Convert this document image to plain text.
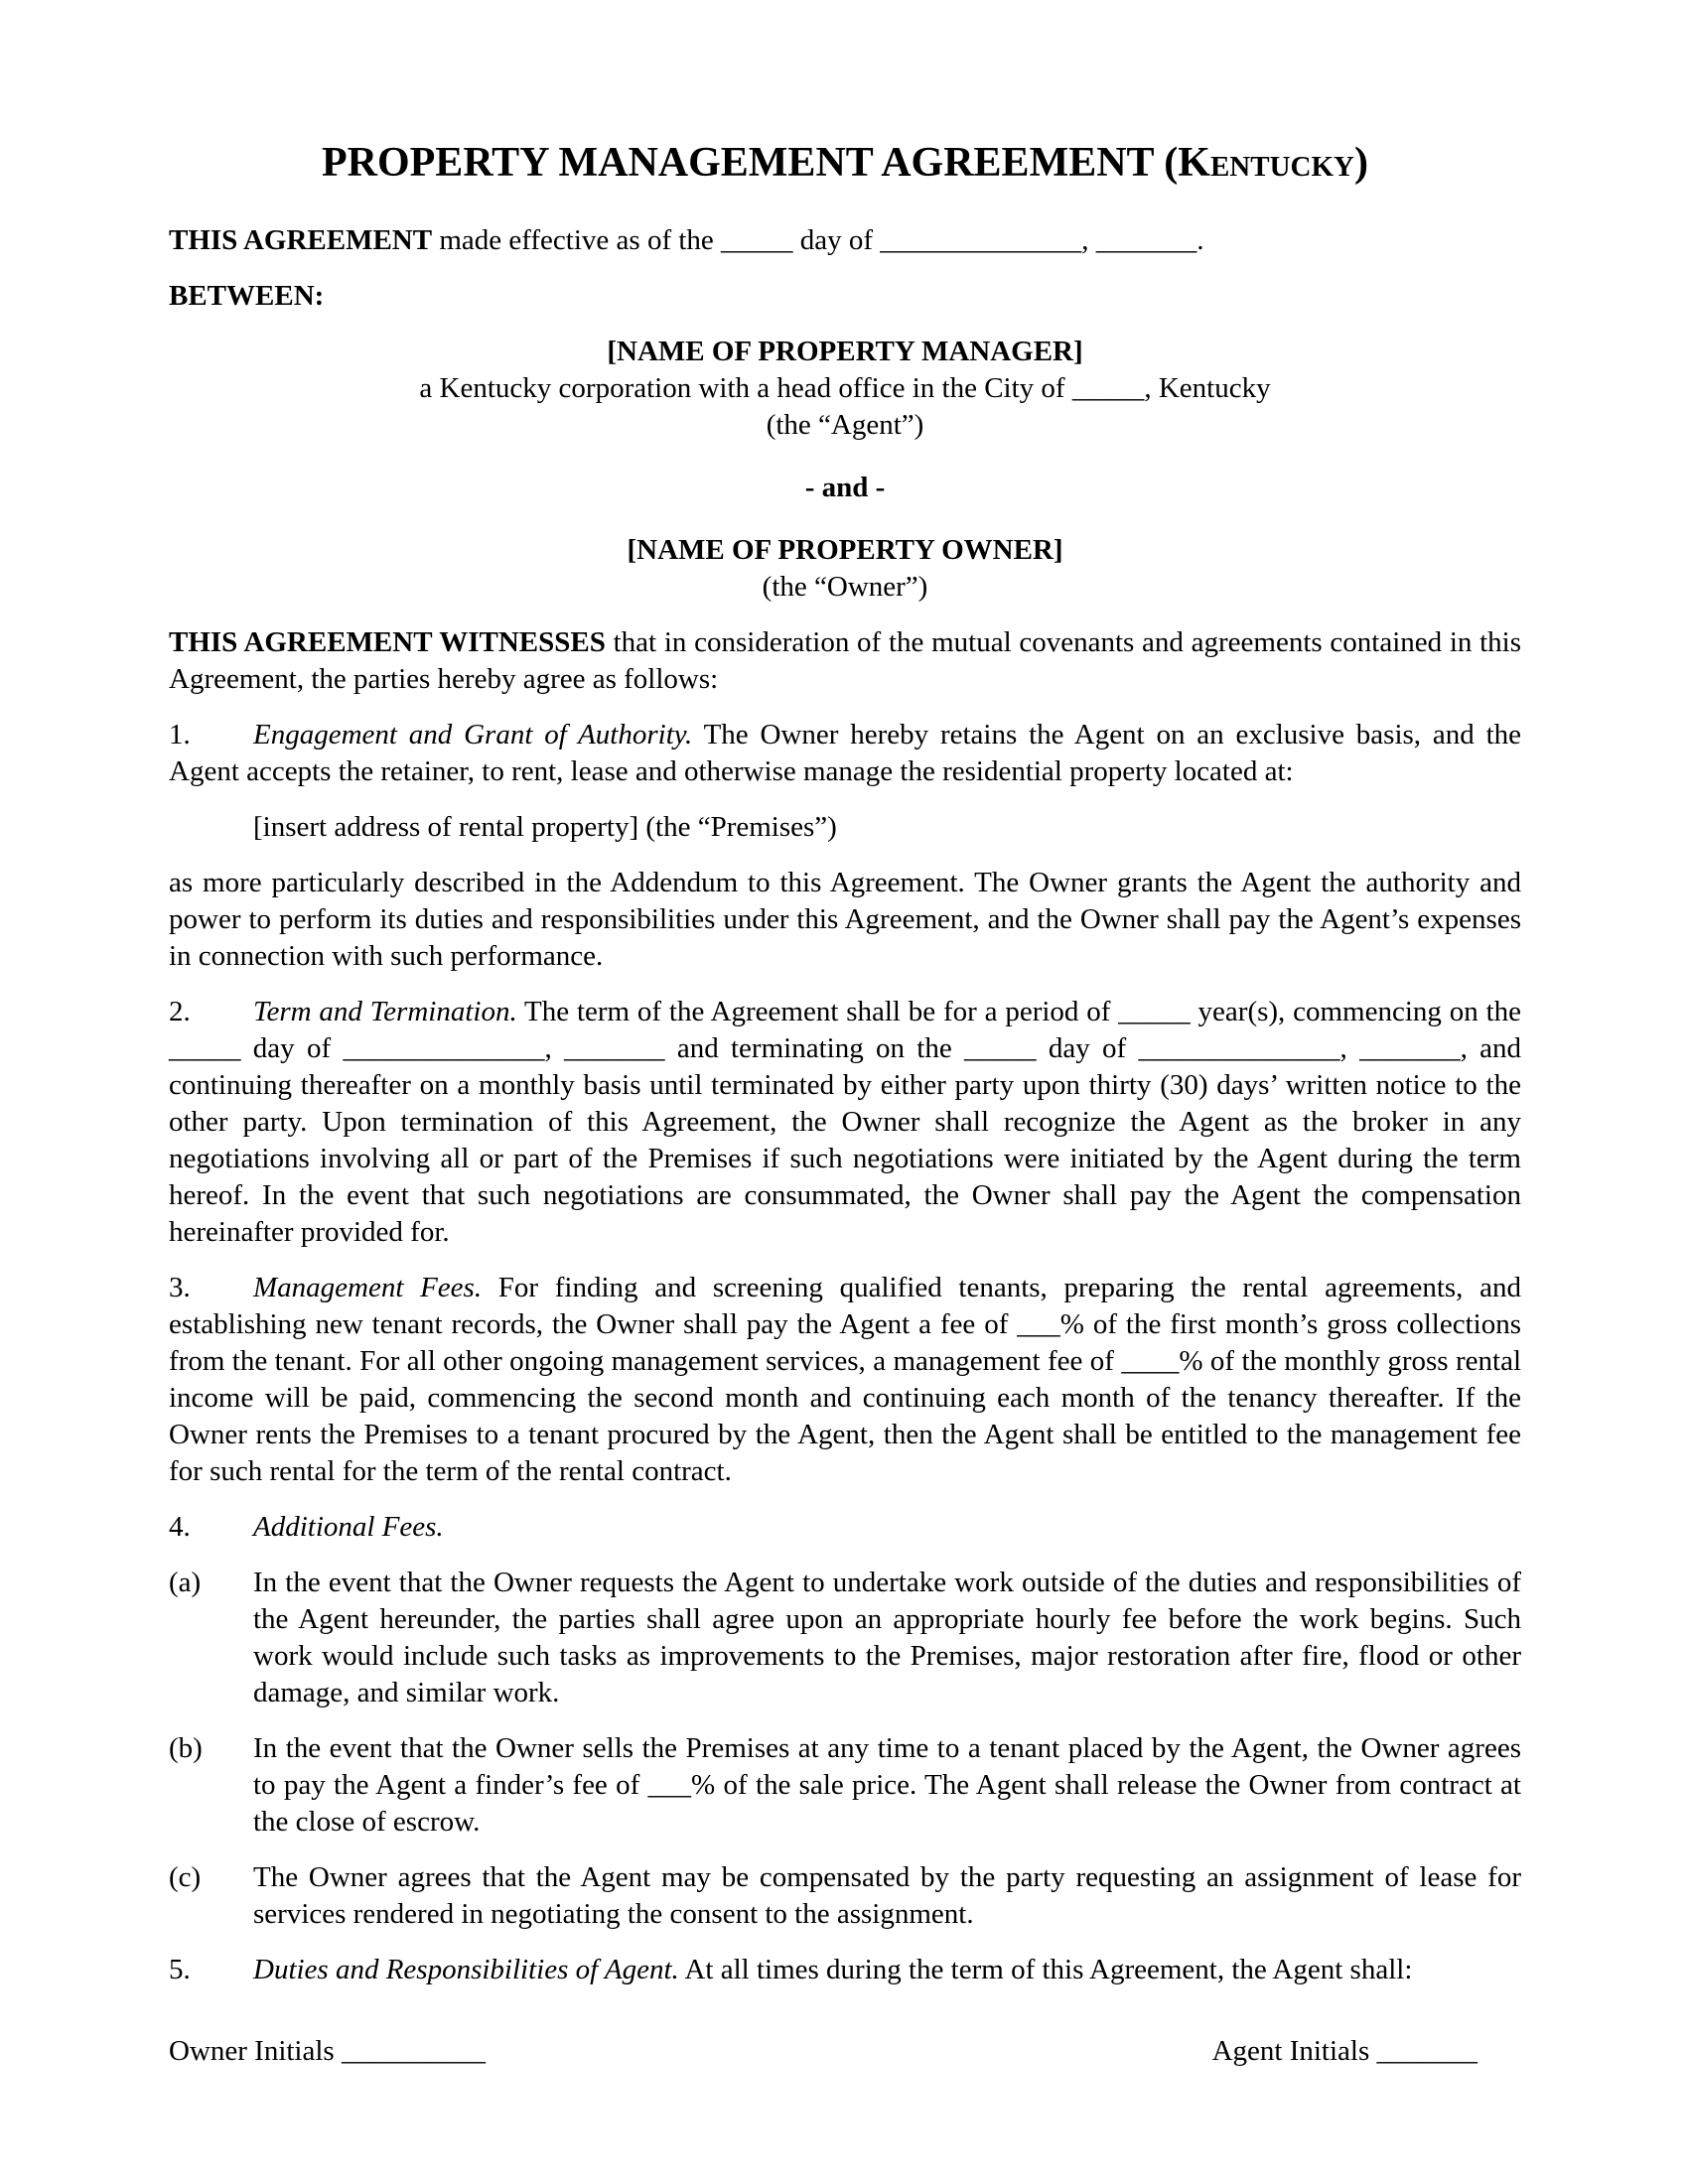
PROPERTY MANAGEMENT AGREEMENT (Kentucky)

THIS AGREEMENT made effective as of the _____ day of ______________, _______.

BETWEEN:

[NAME OF PROPERTY MANAGER]

a Kentucky corporation with a head office in the City of _____, Kentucky

(the “Agent”)

- and -

[NAME OF PROPERTY OWNER]

(the “Owner”)

THIS AGREEMENT WITNESSES that in consideration of the mutual covenants and agreements contained in this Agreement, the parties hereby agree as follows:

1. Engagement and Grant of Authority. The Owner hereby retains the Agent on an exclusive basis, and the Agent accepts the retainer, to rent, lease and otherwise manage the residential property located at:

[insert address of rental property] (the “Premises”)

as more particularly described in the Addendum to this Agreement. The Owner grants the Agent the authority and power to perform its duties and responsibilities under this Agreement, and the Owner shall pay the Agent’s expenses in connection with such performance.

2. Term and Termination. The term of the Agreement shall be for a period of _____ year(s), commencing on the _____ day of ______________, _______ and terminating on the _____ day of ______________, _______, and continuing thereafter on a monthly basis until terminated by either party upon thirty (30) days’ written notice to the other party. Upon termination of this Agreement, the Owner shall recognize the Agent as the broker in any negotiations involving all or part of the Premises if such negotiations were initiated by the Agent during the term hereof. In the event that such negotiations are consummated, the Owner shall pay the Agent the compensation hereinafter provided for.

3. Management Fees. For finding and screening qualified tenants, preparing the rental agreements, and establishing new tenant records, the Owner shall pay the Agent a fee of ___% of the first month’s gross collections from the tenant. For all other ongoing management services, a management fee of ____% of the monthly gross rental income will be paid, commencing the second month and continuing each month of the tenancy thereafter. If the Owner rents the Premises to a tenant procured by the Agent, then the Agent shall be entitled to the management fee for such rental for the term of the rental contract.

4. Additional Fees.

(a) In the event that the Owner requests the Agent to undertake work outside of the duties and responsibilities of the Agent hereunder, the parties shall agree upon an appropriate hourly fee before the work begins. Such work would include such tasks as improvements to the Premises, major restoration after fire, flood or other damage, and similar work.
(b) In the event that the Owner sells the Premises at any time to a tenant placed by the Agent, the Owner agrees to pay the Agent a finder’s fee of ___% of the sale price. The Agent shall release the Owner from contract at the close of escrow.
(c) The Owner agrees that the Agent may be compensated by the party requesting an assignment of lease for services rendered in negotiating the consent to the assignment.

5. Duties and Responsibilities of Agent. At all times during the term of this Agreement, the Agent shall:

Owner Initials __________	Agent Initials _______
